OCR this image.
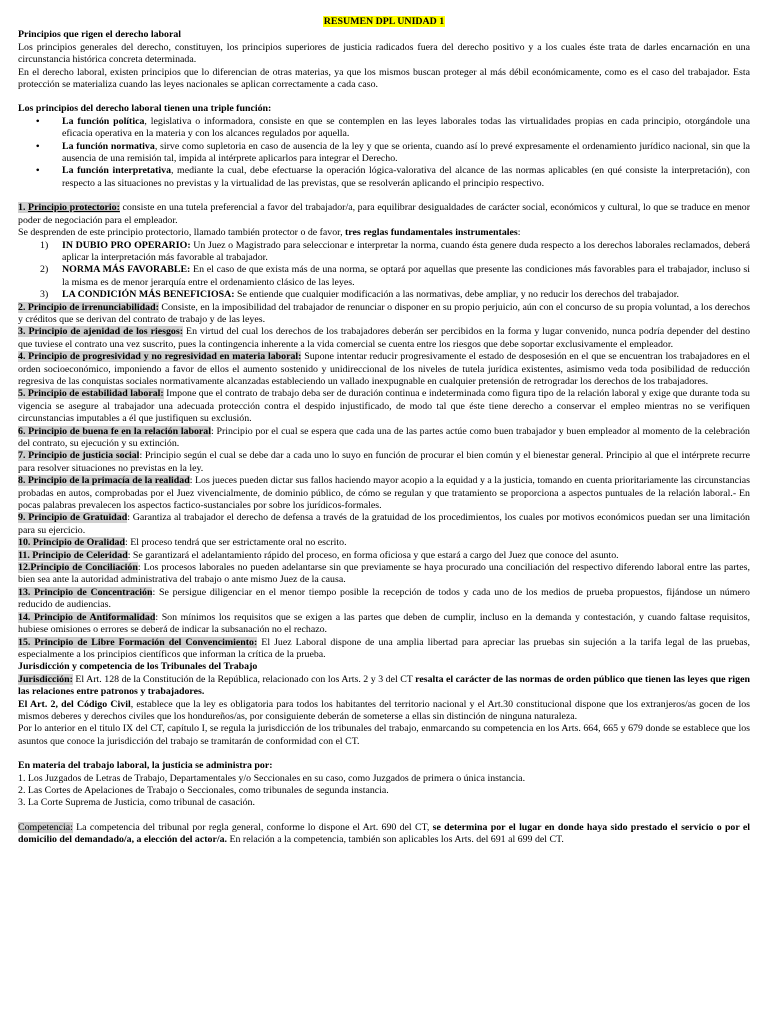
RESUMEN DPL UNIDAD 1

Principios que rigen el derecho laboral

Los principios generales del derecho, constituyen, los principios superiores de justicia radicados fuera del derecho positivo y a los cuales éste trata de darles encarnación en una circunstancia histórica concreta determinada.

En el derecho laboral, existen principios que lo diferencian de otras materias, ya que los mismos buscan proteger al más débil económicamente, como es el caso del trabajador. Esta protección se materializa cuando las leyes nacionales se aplican correctamente a cada caso.

Los principios del derecho laboral tienen una triple función:

• La función política, legislativa o informadora, consiste en que se contemplen en las leyes laborales todas las virtualidades propias en cada principio, otorgándole una eficacia operativa en la materia y con los alcances regulados por aquella.
• La función normativa, sirve como supletoria en caso de ausencia de la ley y que se orienta, cuando así lo prevé expresamente el ordenamiento jurídico nacional, sin que la ausencia de una remisión tal, impida al intérprete aplicarlos para integrar el Derecho.
• La función interpretativa, mediante la cual, debe efectuarse la operación lógica-valorativa del alcance de las normas aplicables (en qué consiste la interpretación), con respecto a las situaciones no previstas y la virtualidad de las previstas, que se resolverán aplicando el principio respectivo.

1. Principio protectorio: consiste en una tutela preferencial a favor del trabajador/a, para equilibrar desigualdades de carácter social, económicos y cultural, lo que se traduce en menor poder de negociación para el empleador.

Se desprenden de este principio protectorio, llamado también protector o de favor, tres reglas fundamentales instrumentales:

1) IN DUBIO PRO OPERARIO: Un Juez o Magistrado para seleccionar e interpretar la norma, cuando ésta genere duda respecto a los derechos laborales reclamados, deberá aplicar la interpretación más favorable al trabajador.
2) NORMA MÁS FAVORABLE: En el caso de que exista más de una norma, se optará por aquellas que presente las condiciones más favorables para el trabajador, incluso si la misma es de menor jerarquía entre el ordenamiento clásico de las leyes.
3) LA CONDICIÓN MÁS BENEFICIOSA: Se entiende que cualquier modificación a las normativas, debe ampliar, y no reducir los derechos del trabajador.

2. Principio de irrenunciabilidad: Consiste, en la imposibilidad del trabajador de renunciar o disponer en su propio perjuicio, aún con el concurso de su propia voluntad, a los derechos y créditos que se derivan del contrato de trabajo y de las leyes.

3. Principio de ajenidad de los riesgos: En virtud del cual los derechos de los trabajadores deberán ser percibidos en la forma y lugar convenido, nunca podría depender del destino que tuviese el contrato una vez suscrito, pues la contingencia inherente a la vida comercial se cuenta entre los riesgos que debe soportar exclusivamente el empleador.

4. Principio de progresividad y no regresividad en materia laboral: Supone intentar reducir progresivamente el estado de desposesión en el que se encuentran los trabajadores en el orden socioeconómico, imponiendo a favor de ellos el aumento sostenido y unidireccional de los niveles de tutela jurídica existentes, asimismo veda toda posibilidad de reducción regresiva de las conquistas sociales normativamente alcanzadas estableciendo un vallado inexpugnable en cualquier pretensión de retrogradar los derechos de los trabajadores.

5. Principio de estabilidad laboral: Impone que el contrato de trabajo deba ser de duración continua e indeterminada como figura tipo de la relación laboral y exige que durante toda su vigencia se asegure al trabajador una adecuada protección contra el despido injustificado, de modo tal que éste tiene derecho a conservar el empleo mientras no se verifiquen circunstancias imputables a él que justifiquen su exclusión.

6. Principio de buena fe en la relación laboral: Principio por el cual se espera que cada una de las partes actúe como buen trabajador y buen empleador al momento de la celebración del contrato, su ejecución y su extinción.

7. Principio de justicia social: Principio según el cual se debe dar a cada uno lo suyo en función de procurar el bien común y el bienestar general. Principio al que el intérprete recurre para resolver situaciones no previstas en la ley.

8. Principio de la primacía de la realidad: Los jueces pueden dictar sus fallos haciendo mayor acopio a la equidad y a la justicia, tomando en cuenta prioritariamente las circunstancias probadas en autos, comprobadas por el Juez vivencialmente, de dominio público, de cómo se regulan y que tratamiento se proporciona a aspectos puntuales de la relación laboral.- En pocas palabras prevalecen los aspectos factico-sustanciales por sobre los jurídicos-formales.

9. Principio de Gratuidad: Garantiza al trabajador el derecho de defensa a través de la gratuidad de los procedimientos, los cuales por motivos económicos puedan ser una limitación para su ejercicio.

10. Principio de Oralidad: El proceso tendrá que ser estrictamente oral no escrito.

11. Principio de Celeridad: Se garantizará el adelantamiento rápido del proceso, en forma oficiosa y que estará a cargo del Juez que conoce del asunto.

12.Principio de Conciliación: Los procesos laborales no pueden adelantarse sin que previamente se haya procurado una conciliación del respectivo diferendo laboral entre las partes, bien sea ante la autoridad administrativa del trabajo o ante mismo Juez de la causa.

13. Principio de Concentración: Se persigue diligenciar en el menor tiempo posible la recepción de todos y cada uno de los medios de prueba propuestos, fijándose un número reducido de audiencias.

14. Principio de Antiformalidad: Son mínimos los requisitos que se exigen a las partes que deben de cumplir, incluso en la demanda y contestación, y cuando faltase requisitos, hubiese omisiones o errores se deberá de indicar la subsanación no el rechazo.

15. Principio de Libre Formación del Convencimiento: El Juez Laboral dispone de una amplia libertad para apreciar las pruebas sin sujeción a la tarifa legal de las pruebas, especialmente a los principios científicos que informan la crítica de la prueba.

Jurisdicción y competencia de los Tribunales del Trabajo

Jurisdicción: El Art. 128 de la Constitución de la República, relacionado con los Arts. 2 y 3 del CT resalta el carácter de las normas de orden público que tienen las leyes que rigen las relaciones entre patronos y trabajadores.

El Art. 2, del Código Civil, establece que la ley es obligatoria para todos los habitantes del territorio nacional y el Art.30 constitucional dispone que los extranjeros/as gocen de los mismos deberes y derechos civiles que los hondureños/as, por consiguiente deberán de someterse a ellas sin distinción de ninguna naturaleza.

Por lo anterior en el titulo IX del CT, capítulo I, se regula la jurisdicción de los tribunales del trabajo, enmarcando su competencia en los Arts. 664, 665 y 679 donde se establece que los asuntos que conoce la jurisdicción del trabajo se tramitarán de conformidad con el CT.

En materia del trabajo laboral, la justicia se administra por:

1. Los Juzgados de Letras de Trabajo, Departamentales y/o Seccionales en su caso, como Juzgados de primera o única instancia.

2. Las Cortes de Apelaciones de Trabajo o Seccionales, como tribunales de segunda instancia.

3. La Corte Suprema de Justicia, como tribunal de casación.

Competencia: La competencia del tribunal por regla general, conforme lo dispone el Art. 690 del CT, se determina por el lugar en donde haya sido prestado el servicio o por el domicilio del demandado/a, a elección del actor/a. En relación a la competencia, también son aplicables los Arts. del 691 al 699 del CT.
